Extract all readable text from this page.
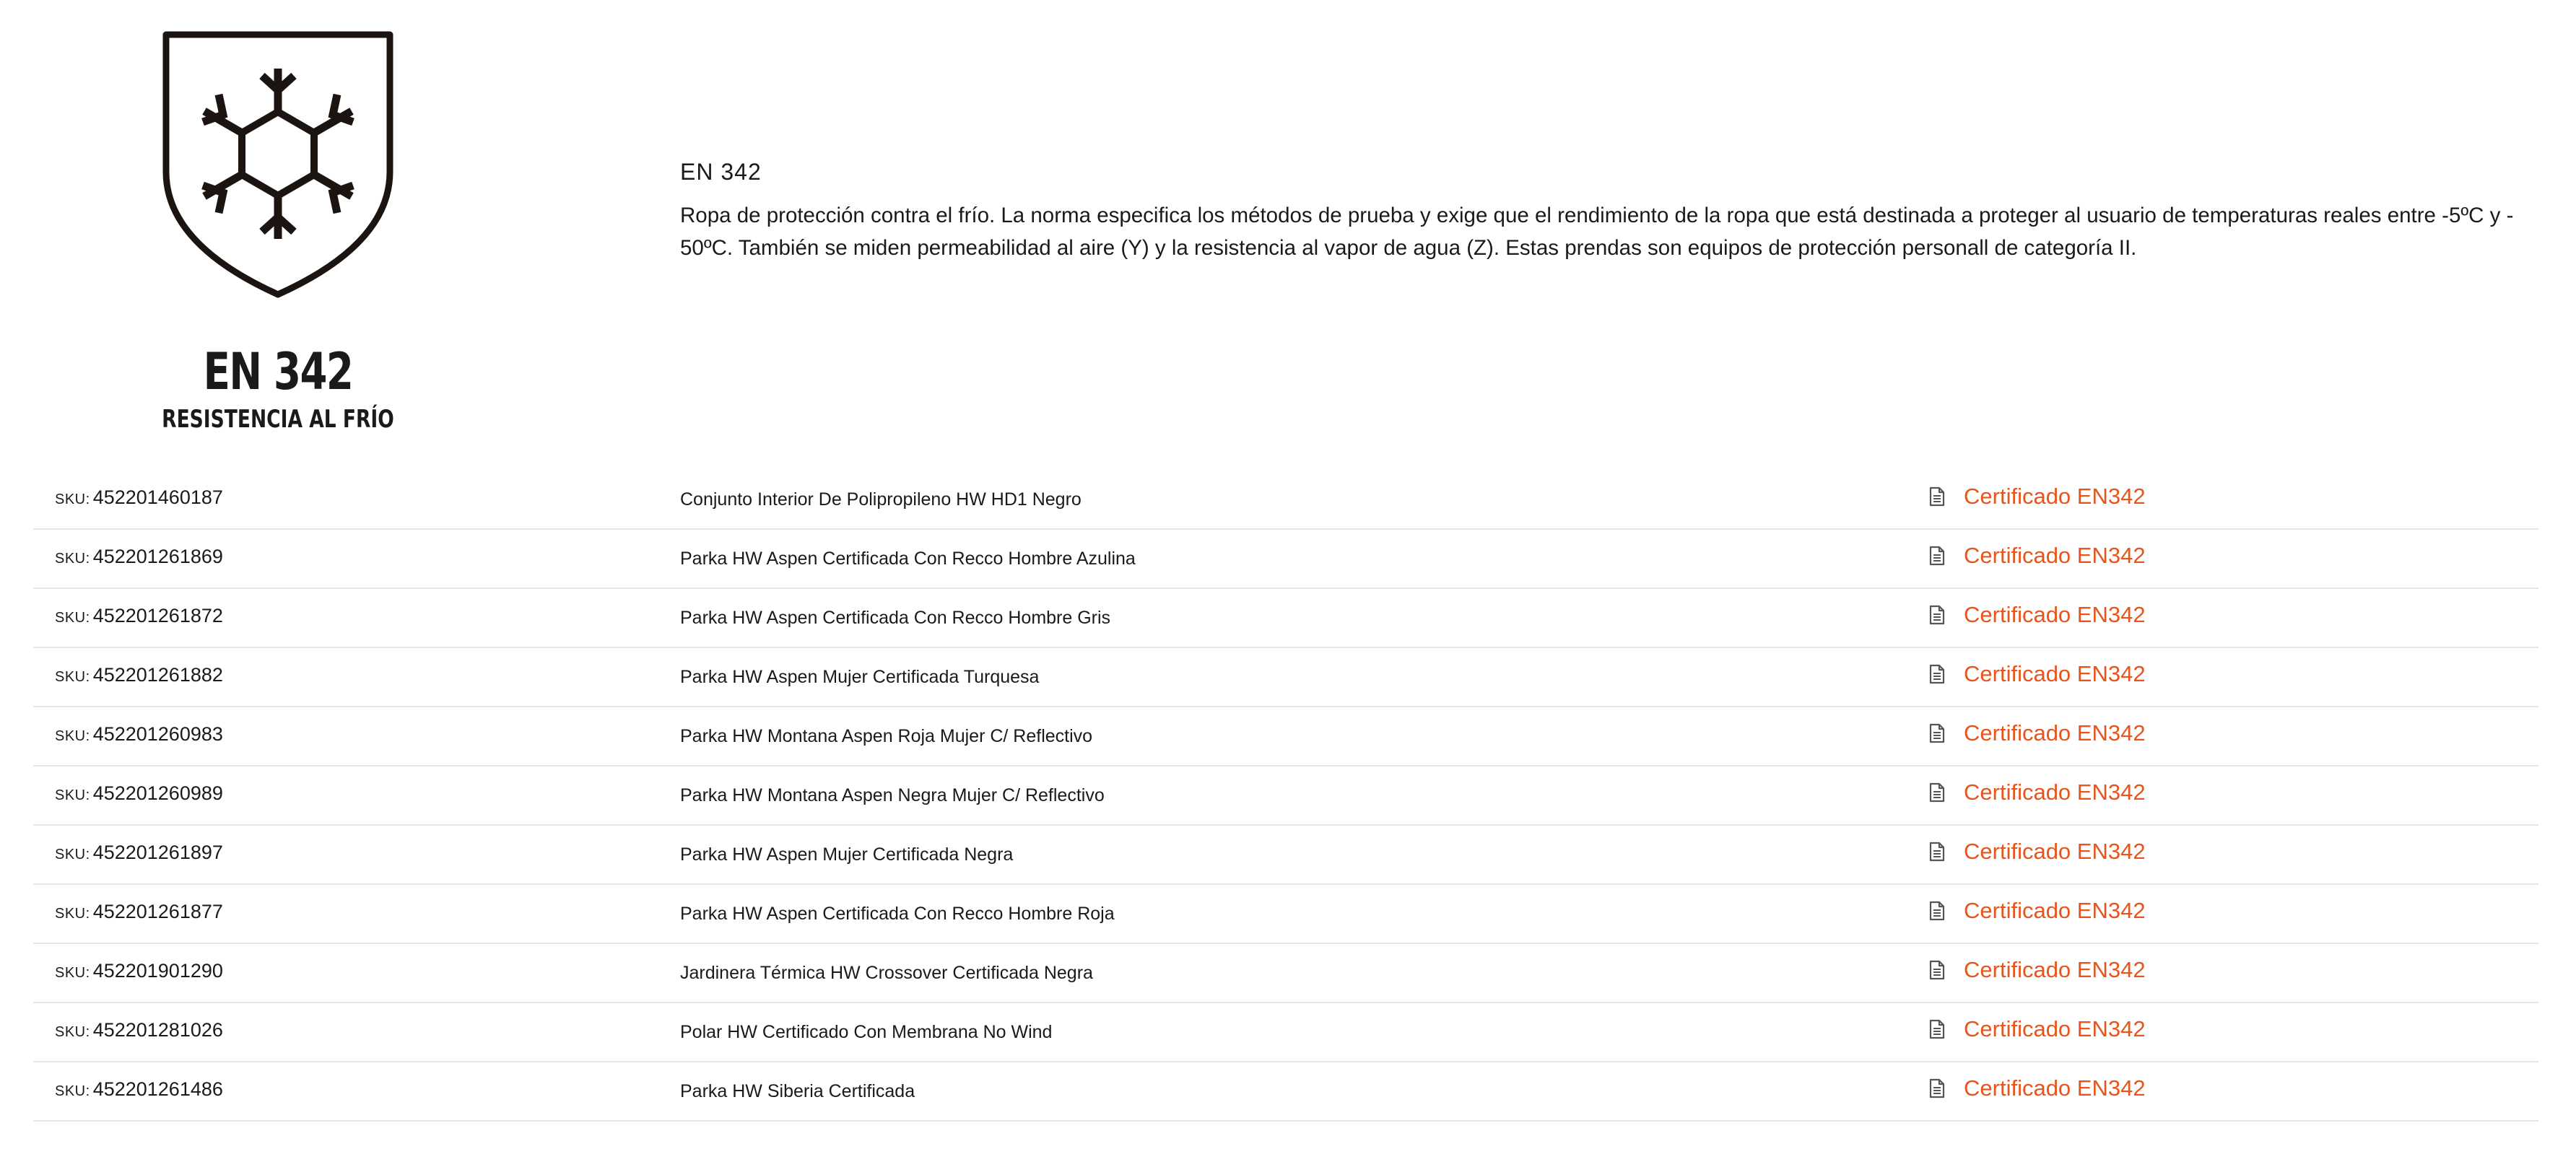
EN 342
RESISTENCIA AL FRÍO
EN 342
Ropa de protección contra el frío. La norma especifica los métodos de prueba y exige que el rendimiento de la ropa que está destinada a proteger al usuario de temperaturas reales entre -5ºC y - 50ºC. También se miden permeabilidad al aire (Y) y la resistencia al vapor de agua (Z). Estas prendas son equipos de protección personall de categoría II.
SKU: 452201460187	Conjunto Interior De Polipropileno HW HD1 Negro	Certificado EN342
SKU: 452201261869	Parka HW Aspen Certificada Con Recco Hombre Azulina	Certificado EN342
SKU: 452201261872	Parka HW Aspen Certificada Con Recco Hombre Gris	Certificado EN342
SKU: 452201261882	Parka HW Aspen Mujer Certificada Turquesa	Certificado EN342
SKU: 452201260983	Parka HW Montana Aspen Roja Mujer C/ Reflectivo	Certificado EN342
SKU: 452201260989	Parka HW Montana Aspen Negra Mujer C/ Reflectivo	Certificado EN342
SKU: 452201261897	Parka HW Aspen Mujer Certificada Negra	Certificado EN342
SKU: 452201261877	Parka HW Aspen Certificada Con Recco Hombre Roja	Certificado EN342
SKU: 452201901290	Jardinera Térmica HW Crossover Certificada Negra	Certificado EN342
SKU: 452201281026	Polar HW Certificado Con Membrana No Wind	Certificado EN342
SKU: 452201261486	Parka HW Siberia Certificada	Certificado EN342
